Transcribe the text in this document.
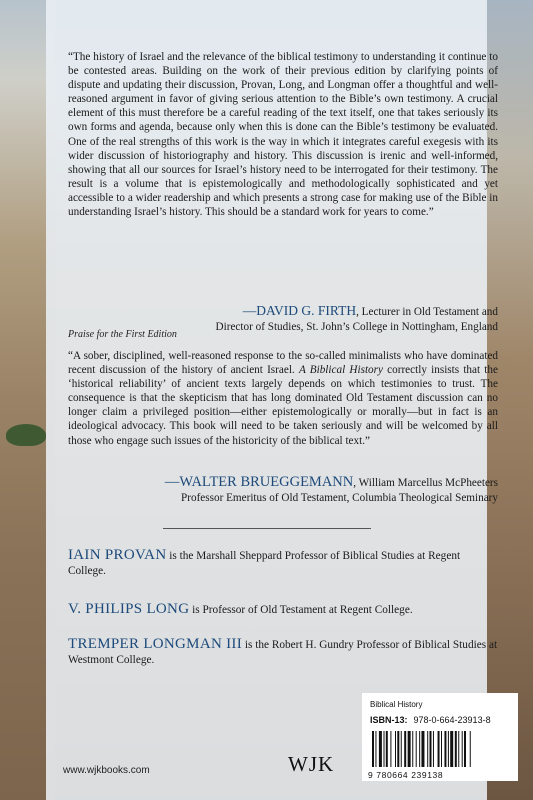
“The history of Israel and the relevance of the biblical testimony to understanding it continue to be contested areas. Building on the work of their previous edition by clarifying points of dispute and updating their discussion, Provan, Long, and Longman offer a thoughtful and well-reasoned argument in favor of giving serious attention to the Bible’s own testimony. A crucial element of this must therefore be a careful reading of the text itself, one that takes seriously its own forms and agenda, because only when this is done can the Bible’s testimony be evaluated. One of the real strengths of this work is the way in which it integrates careful exegesis with its wider discussion of historiography and history. This discussion is irenic and well-informed, showing that all our sources for Israel’s history need to be interrogated for their testimony. The result is a volume that is epistemologically and methodologically sophisticated and yet accessible to a wider readership and which presents a strong case for making use of the Bible in understanding Israel’s history. This should be a standard work for years to come.”

—DAVID G. FIRTH, Lecturer in Old Testament and
Director of Studies, St. John’s College in Nottingham, England
Praise for the First Edition

“A sober, disciplined, well-reasoned response to the so-called minimalists who have dominated recent discussion of the history of ancient Israel. A Biblical History correctly insists that the ‘historical reliability’ of ancient texts largely depends on which testimonies to trust. The consequence is that the skepticism that has long dominated Old Testament discussion can no longer claim a privileged position—either epistemologically or morally—but in fact is an ideological advocacy. This book will need to be taken seriously and will be welcomed by all those who engage such issues of the historicity of the biblical text.”

—WALTER BRUEGGEMANN, William Marcellus McPheeters
Professor Emeritus of Old Testament, Columbia Theological Seminary
IAIN PROVAN is the Marshall Sheppard Professor of Biblical Studies at Regent College.
V. PHILIPS LONG is Professor of Old Testament at Regent College.
TREMPER LONGMAN III is the Robert H. Gundry Professor of Biblical Studies at Westmont College.
www.wjkbooks.com	WJK
Biblical History
ISBN-13: 978-0-664-23913-8
9 780664 239138
